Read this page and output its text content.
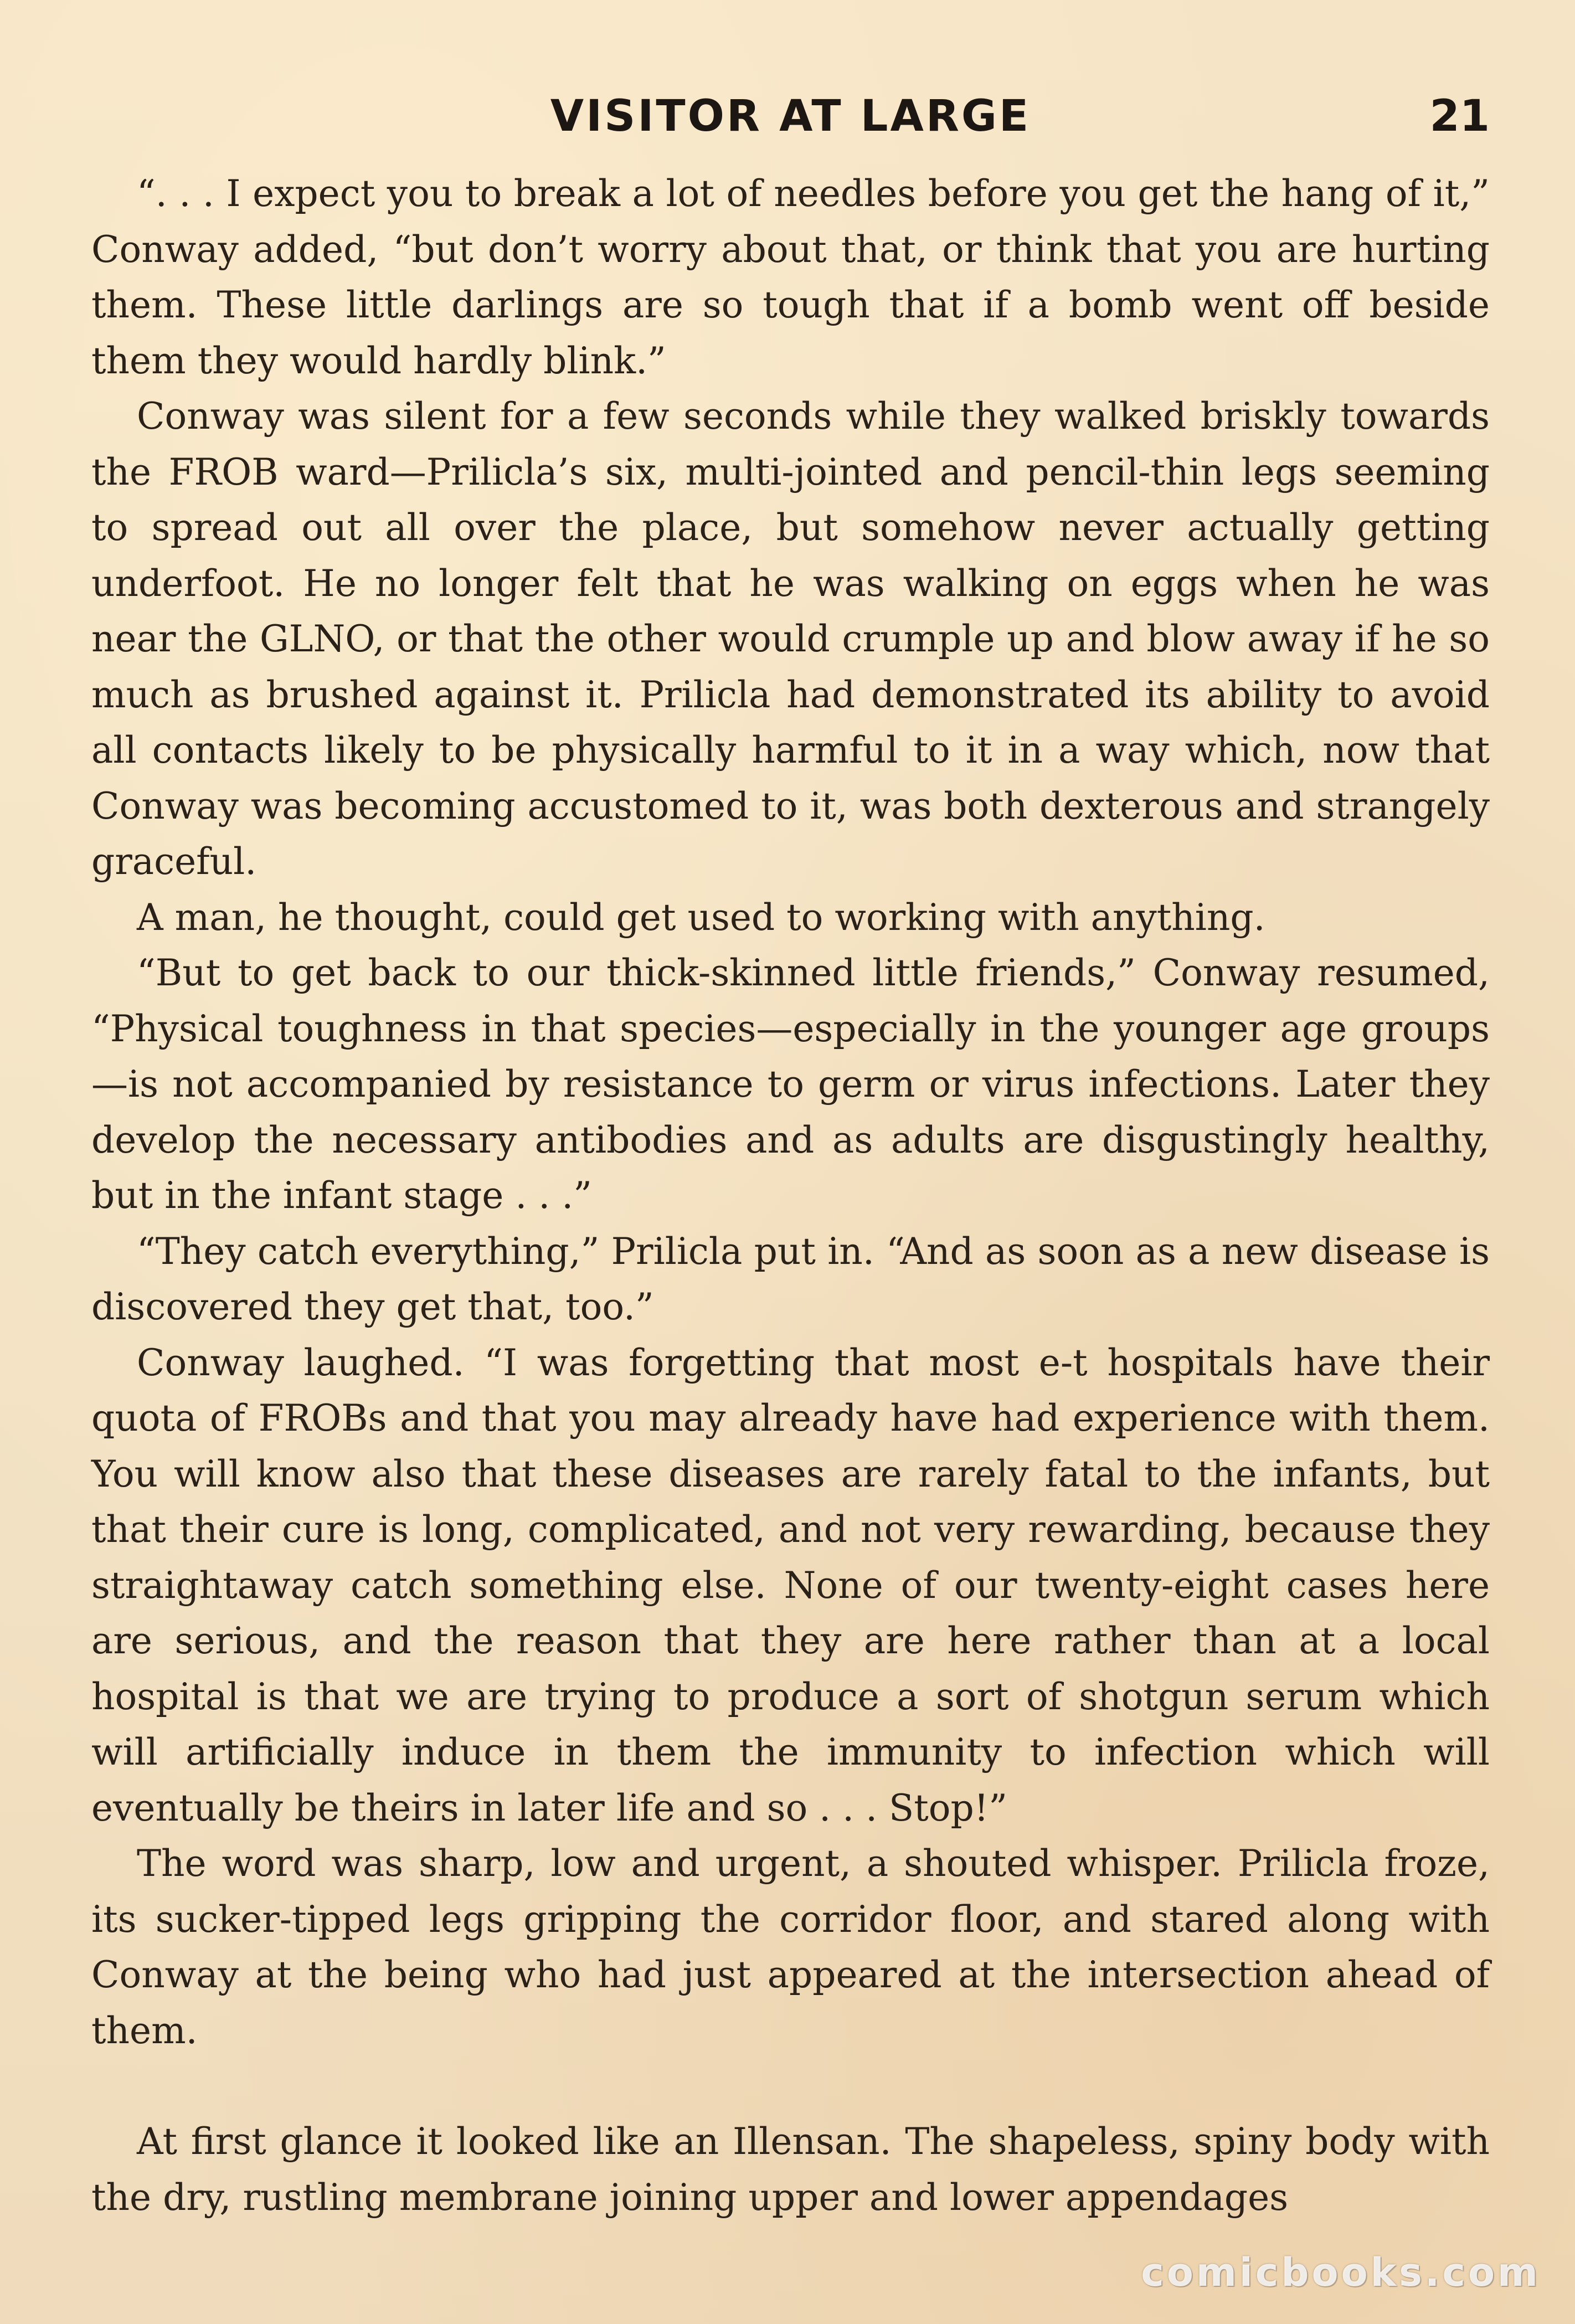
VISITOR AT LARGE	21

“. . . I expect you to break a lot of needles before you get the hang of it,” Conway added, “but don’t worry about that, or think that you are hurting them. These little darlings are so tough that if a bomb went off beside them they would hardly blink.”

Conway was silent for a few seconds while they walked briskly towards the FROB ward—Prilicla’s six, multi-jointed and pencil-thin legs seeming to spread out all over the place, but somehow never actually getting underfoot. He no longer felt that he was walking on eggs when he was near the GLNO, or that the other would crumple up and blow away if he so much as brushed against it. Prilicla had demonstrated its ability to avoid all contacts likely to be physically harmful to it in a way which, now that Conway was becoming accustomed to it, was both dexterous and strangely graceful.

A man, he thought, could get used to working with anything.

“But to get back to our thick-skinned little friends,” Conway resumed, “Physical toughness in that species—especially in the younger age groups—is not accompanied by resistance to germ or virus infections. Later they develop the necessary antibodies and as adults are disgustingly healthy, but in the infant stage . . .”

“They catch everything,” Prilicla put in. “And as soon as a new disease is discovered they get that, too.”

Conway laughed. “I was forgetting that most e-t hospitals have their quota of FROBs and that you may already have had experience with them. You will know also that these diseases are rarely fatal to the infants, but that their cure is long, complicated, and not very rewarding, because they straightaway catch something else. None of our twenty-eight cases here are serious, and the reason that they are here rather than at a local hospital is that we are trying to produce a sort of shotgun serum which will artificially induce in them the immunity to infection which will eventually be theirs in later life and so . . . Stop!”

The word was sharp, low and urgent, a shouted whisper. Prilicla froze, its sucker-tipped legs gripping the corridor floor, and stared along with Conway at the being who had just appeared at the intersection ahead of them.

At first glance it looked like an Illensan. The shapeless, spiny body with the dry, rustling membrane joining upper and lower appendages

comicbooks.com
